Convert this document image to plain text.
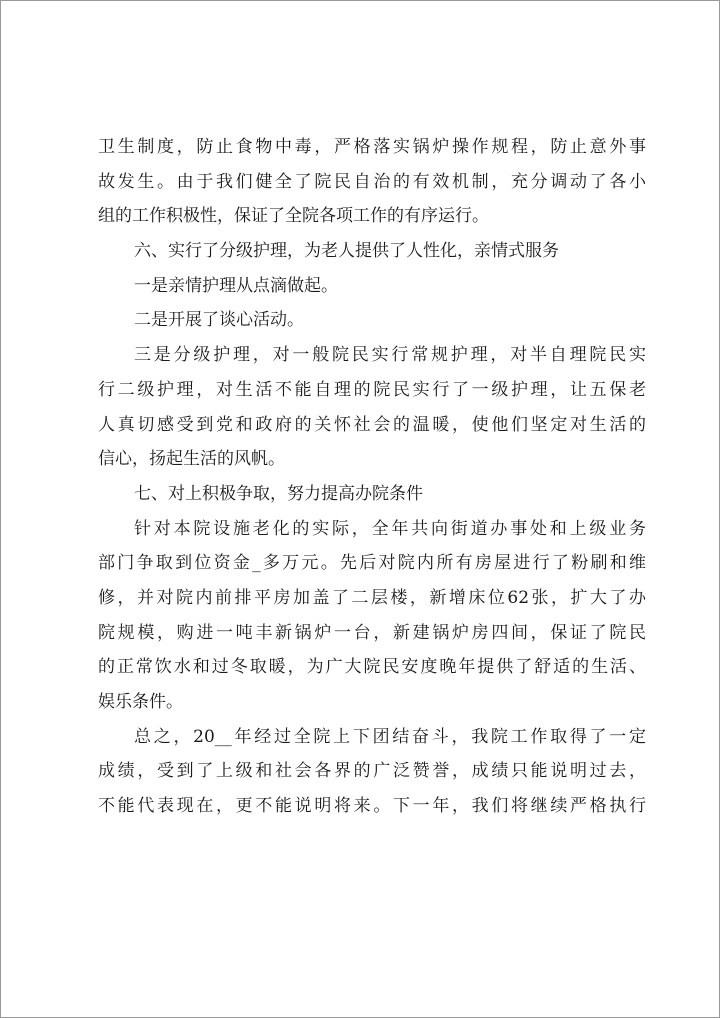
卫生制度，防止食物中毒，严格落实锅炉操作规程，防止意外事
故发生。由于我们健全了院民自治的有效机制，充分调动了各小
组的工作积极性，保证了全院各项工作的有序运行。
六、实行了分级护理，为老人提供了人性化，亲情式服务
一是亲情护理从点滴做起。
二是开展了谈心活动。
三是分级护理，对一般院民实行常规护理，对半自理院民实
行二级护理，对生活不能自理的院民实行了一级护理，让五保老
人真切感受到党和政府的关怀社会的温暖，使他们坚定对生活的
信心，扬起生活的风帆。
七、对上积极争取，努力提高办院条件
针对本院设施老化的实际，全年共向街道办事处和上级业务
部门争取到位资金_多万元。先后对院内所有房屋进行了粉刷和维
修，并对院内前排平房加盖了二层楼，新增床位62张，扩大了办
院规模，购进一吨丰新锅炉一台，新建锅炉房四间，保证了院民
的正常饮水和过冬取暖，为广大院民安度晚年提供了舒适的生活、
娱乐条件。
总之，20__年经过全院上下团结奋斗，我院工作取得了一定
成绩，受到了上级和社会各界的广泛赞誉，成绩只能说明过去，
不能代表现在，更不能说明将来。下一年，我们将继续严格执行
